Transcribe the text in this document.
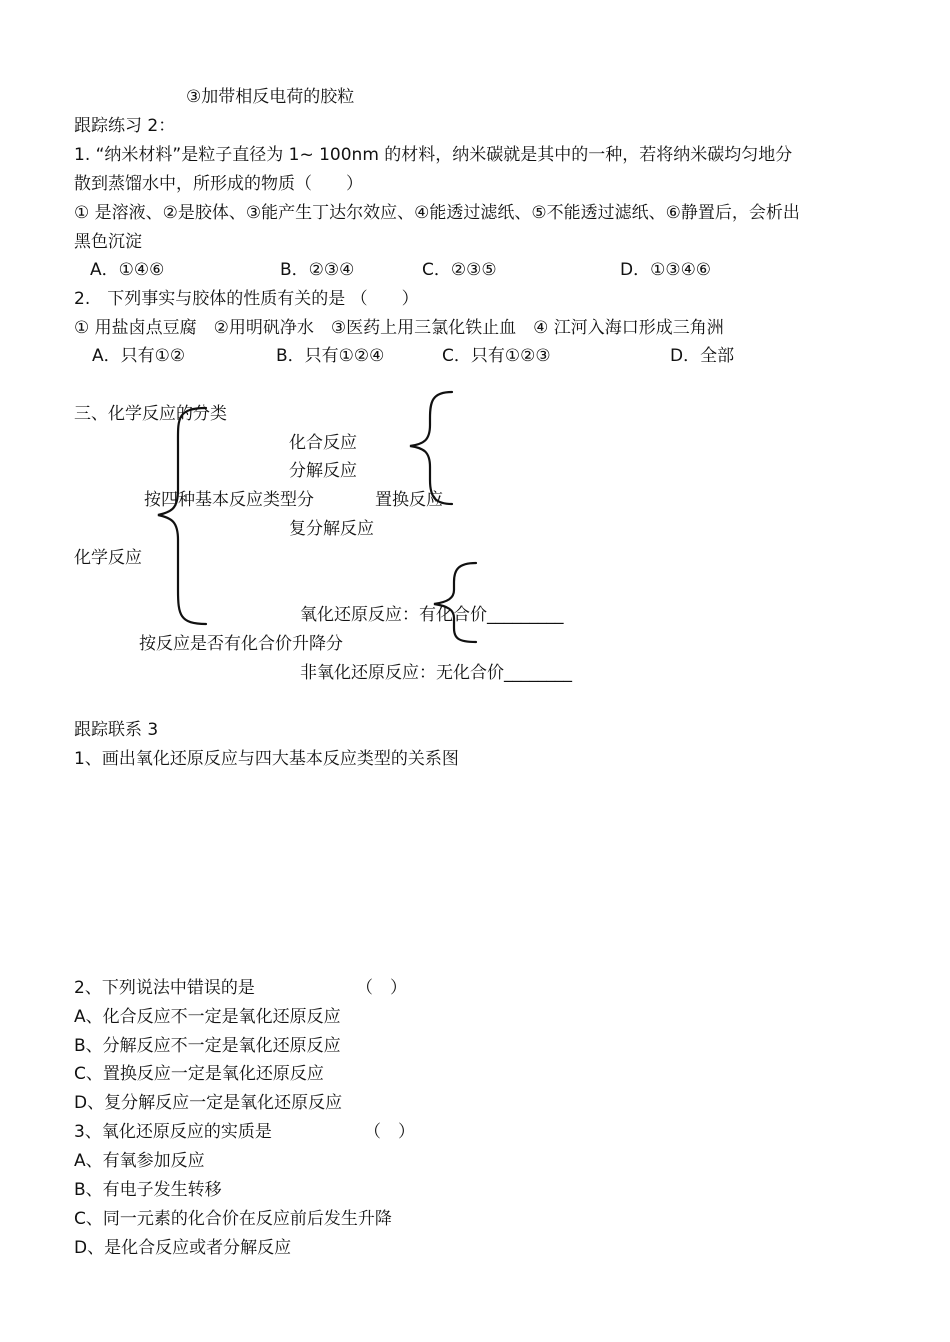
③加带相反电荷的胶粒
跟踪练习 2：
1. “纳米材料”是粒子直径为 1~ 100nm 的材料，纳米碳就是其中的一种，若将纳米碳均匀地分
散到蒸馏水中，所形成的物质（　　）
① 是溶液、②是胶体、③能产生丁达尔效应、④能透过滤纸、⑤不能透过滤纸、⑥静置后，会析出
黑色沉淀
A．①④⑥	B．②③④	C．②③⑤	D．①③④⑥
2.　下列事实与胶体的性质有关的是 （　　）
① 用盐卤点豆腐　②用明矾净水　③医药上用三氯化铁止血　④ 江河入海口形成三角洲
A．只有①②	B．只有①②④	C．只有①②③	D．全部
三、化学反应的分类
化合反应
分解反应
按四种基本反应类型分	置换反应
复分解反应
化学反应
氧化还原反应：有化合价_________
按反应是否有化合价升降分
非氧化还原反应：无化合价________
跟踪联系 3
1、画出氧化还原反应与四大基本反应类型的关系图
2、下列说法中错误的是	（　）
A、化合反应不一定是氧化还原反应
B、分解反应不一定是氧化还原反应
C、置换反应一定是氧化还原反应
D、复分解反应一定是氧化还原反应
3、氧化还原反应的实质是	（　）
A、有氧参加反应
B、有电子发生转移
C、同一元素的化合价在反应前后发生升降
D、是化合反应或者分解反应
